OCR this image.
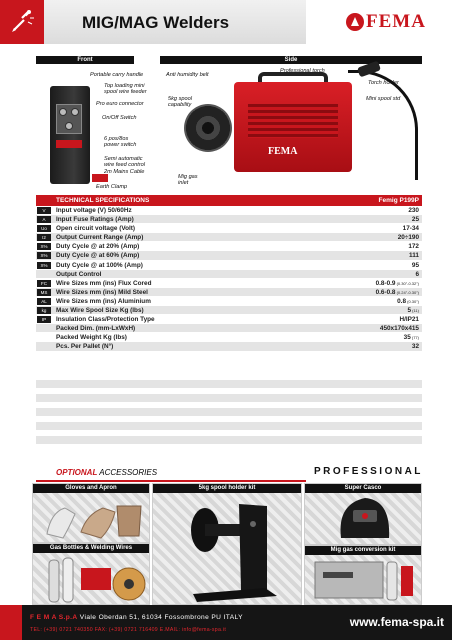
MIG/MAG Welders	FEMA
Front	Side
FEMA
Portable carry handle
Top loading mini
spool wire feeder
Pro euro connector
On/Off Switch
6 pos/8os
power switch
Semi automatic
wire feed control
2m Mains Cable
Earth Clamp
Anti humidity belt
5kg spool
capability
Mig gas
inlet
Professional torch
Torch holder
Mini spool std
TECHNICAL SPECIFICATIONS	Femig P199P
V	Input voltage (V) 50/60Hz	230
A	Input Fuse Ratings (Amp)	25
Uo	Open circuit voltage (Volt)	17-34
I2	Output Current Range (Amp)	20÷190
X%	Duty Cycle @ at 20% (Amp)	172
X%	Duty Cycle @ at 60% (Amp)	111
X%	Duty Cycle @ at 100% (Amp)	95
Output Control	6
FC	Wire Sizes mm (ins) Flux Cored	0.8-0.9 (0.30"-0.32")
MS	Wire Sizes mm (ins) Mild Steel	0.6-0.8 (0.24"-0.30")
AL	Wire Sizes mm (ins) Aluminium	0.8 (0.30")
kg	Max Wire Spool Size Kg (lbs)	5 (11)
IP	Insulation Class/Protection Type	H/IP21
Packed Dim. (mm-LxWxH)	450x170x415
Packed Weight Kg (lbs)	35 (77)
Pcs. Per Pallet (N°)	32
OPTIONAL ACCESSORIES	PROFESSIONAL
Gloves and Apron
Gas Bottles & Welding Wires
5kg spool holder kit	Super Casco
Mig gas conversion kit
F E M A S.p.A Viale Oberdan 51, 61034 Fossombrone PU ITALY
TEL: (+39) 0721 740350 FAX: (+39) 0721 716409 E.MAIL: info@fema-spa.it
www.fema-spa.it
